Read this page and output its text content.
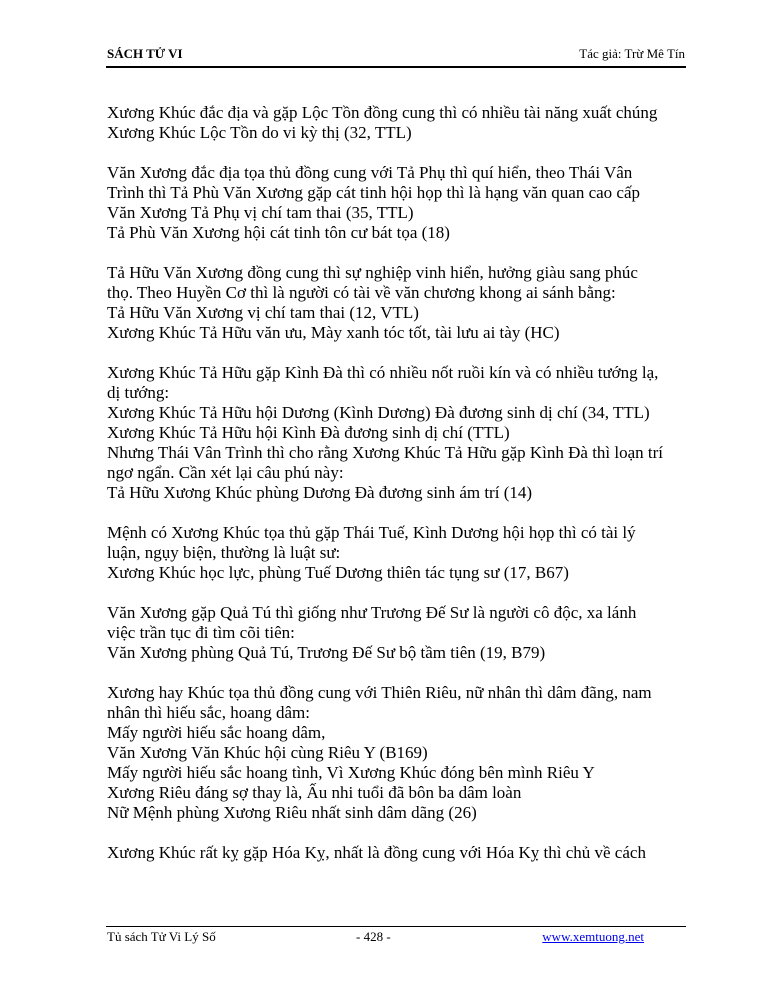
SÁCH TỬ VI	Tác giả: Trừ Mê Tín
Xương Khúc đắc địa và gặp Lộc Tồn đồng cung thì có nhiều tài năng xuất chúng
Xương Khúc Lộc Tồn do vi kỳ thị (32, TTL)
Văn Xương đắc địa tọa thủ đồng cung với Tả Phụ thì quí hiển, theo Thái Vân
Trình thì Tả Phù Văn Xương gặp cát tinh hội họp thì là hạng văn quan cao cấp
Văn Xương Tả Phụ vị chí tam thai (35, TTL)
Tả Phù Văn Xương hội cát tinh tôn cư bát tọa (18)
Tả Hữu Văn Xương đồng cung thì sự nghiệp vinh hiển, hưởng giàu sang phúc
thọ. Theo Huyền Cơ thì là người có tài về văn chương khong ai sánh bằng:
Tả Hữu Văn Xương vị chí tam thai (12, VTL)
Xương Khúc Tả Hữu văn ưu, Mày xanh tóc tốt, tài lưu ai tày (HC)
Xương Khúc Tả Hữu gặp Kình Đà thì có nhiều nốt ruồi kín và có nhiều tướng lạ,
dị tướng:
Xương Khúc Tả Hữu hội Dương (Kình Dương) Đà đương sinh dị chí (34, TTL)
Xương Khúc Tả Hữu hội Kình Đà đương sinh dị chí (TTL)
Nhưng Thái Vân Trình thì cho rằng Xương Khúc Tả Hữu gặp Kình Đà thì loạn trí
ngơ ngẩn. Cần xét lại câu phú này:
Tả Hữu Xương Khúc phùng Dương Đà đương sinh ám trí (14)
Mệnh có Xương Khúc tọa thủ gặp Thái Tuế, Kình Dương hội họp thì có tài lý
luận, ngụy biện, thường là luật sư:
Xương Khúc học lực, phùng Tuế Dương thiên tác tụng sư (17, B67)
Văn Xương gặp Quả Tú thì giống như Trương Đế Sư là người cô độc, xa lánh
việc trần tục đi tìm cõi tiên:
Văn Xương phùng Quả Tú, Trương Đế Sư bộ tầm tiên (19, B79)
Xương hay Khúc tọa thủ đồng cung với Thiên Riêu, nữ nhân thì dâm đãng, nam
nhân thì hiếu sắc, hoang dâm:
Mấy người hiếu sắc hoang dâm,
Văn Xương Văn Khúc hội cùng Riêu Y (B169)
Mấy người hiếu sắc hoang tình, Vì Xương Khúc đóng bên mình Riêu Y
Xương Riêu đáng sợ thay là, Ấu nhi tuổi đã bôn ba dâm loàn
Nữ Mệnh phùng Xương Riêu nhất sinh dâm dãng (26)
Xương Khúc rất kỵ gặp Hóa Kỵ, nhất là đồng cung với Hóa Kỵ thì chủ về cách
Tủ sách Tử Vi Lý Số	- 428 -	www.xemtuong.net
